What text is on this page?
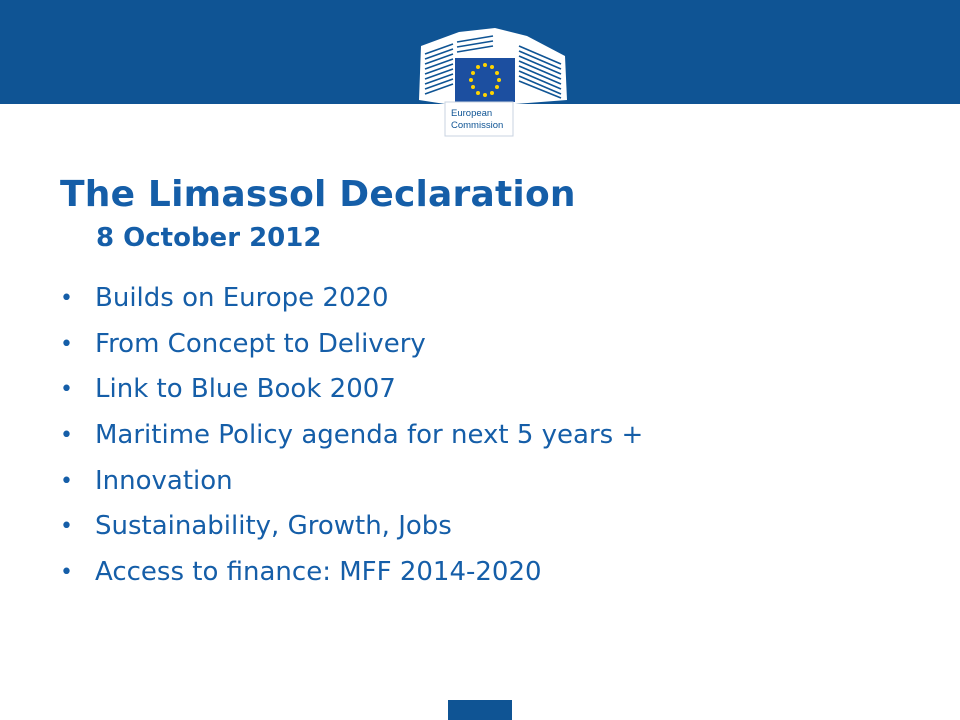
European
Commission
The Limassol Declaration
8 October 2012
• Builds on Europe 2020
• From Concept to Delivery
• Link to Blue Book 2007
• Maritime Policy agenda for next 5 years +
• Innovation
• Sustainability, Growth, Jobs
• Access to finance: MFF 2014-2020
